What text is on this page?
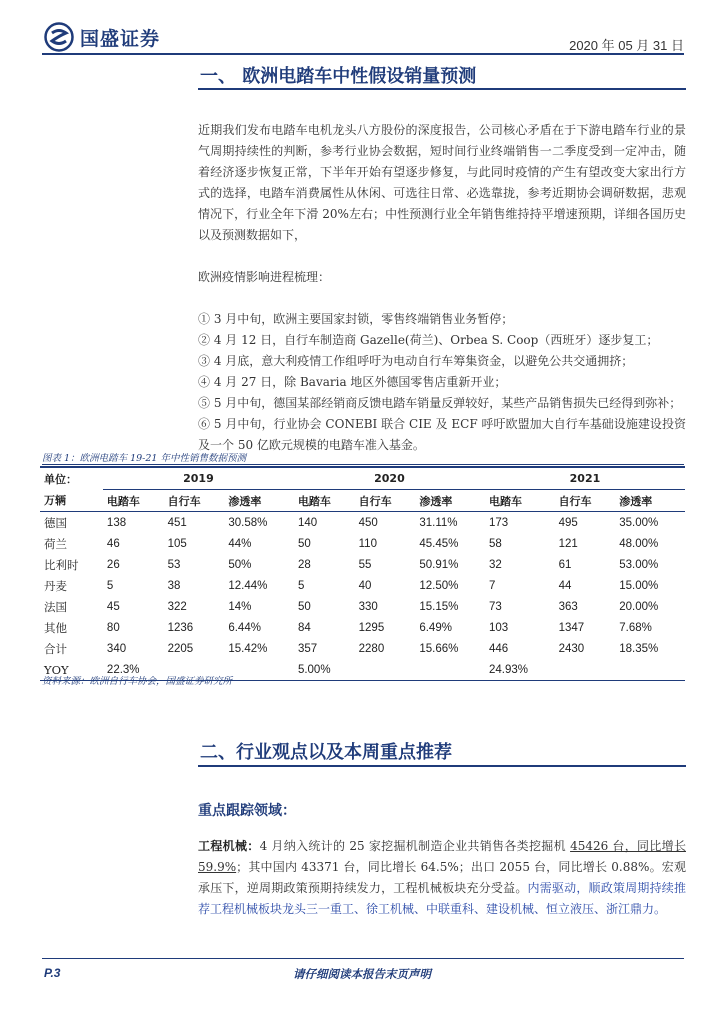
国盛证券	2020 年 05 月 31 日
一、 欧洲电踏车中性假设销量预测

近期我们发布电踏车电机龙头八方股份的深度报告，公司核心矛盾在于下游电踏车行业的景气周期持续性的判断，参考行业协会数据，短时间行业终端销售一二季度受到一定冲击，随着经济逐步恢复正常，下半年开始有望逐步修复，与此同时疫情的产生有望改变大家出行方式的选择，电踏车消费属性从休闲、可选往日常、必选靠拢，参考近期协会调研数据，悲观情况下，行业全年下滑 20%左右；中性预测行业全年销售维持持平增速预期，详细各国历史以及预测数据如下，

欧洲疫情影响进程梳理：

① 3 月中旬，欧洲主要国家封锁，零售终端销售业务暂停；

② 4 月 12 日，自行车制造商 Gazelle(荷兰)、Orbea S. Coop（西班牙）逐步复工；

③ 4 月底，意大利疫情工作组呼吁为电动自行车筹集资金，以避免公共交通拥挤；

④ 4 月 27 日，除 Bavaria 地区外德国零售店重新开业；

⑤ 5 月中旬，德国某部经销商反馈电踏车销量反弹较好，某些产品销售损失已经得到弥补；

⑥ 5 月中旬，行业协会 CONEBI 联合 CIE 及 ECF 呼吁欧盟加大自行车基础设施建设投资及一个 50 亿欧元规模的电踏车准入基金。

图表 1：欧洲电踏车 19-21 年中性销售数据预测
单位：	2019			2020			2021		
万辆	电踏车	自行车	渗透率	电踏车	自行车	渗透率	电踏车	自行车	渗透率
德国	138	451	30.58%	140	450	31.11%	173	495	35.00%
荷兰	46	105	44%	50	110	45.45%	58	121	48.00%
比利时	26	53	50%	28	55	50.91%	32	61	53.00%
丹麦	5	38	12.44%	5	40	12.50%	7	44	15.00%
法国	45	322	14%	50	330	15.15%	73	363	20.00%
其他	80	1236	6.44%	84	1295	6.49%	103	1347	7.68%
合计	340	2205	15.42%	357	2280	15.66%	446	2430	18.35%
YOY	22.3%			5.00%			24.93%		
资料来源：欧洲自行车协会，国盛证券研究所
二、行业观点以及本周重点推荐
重点跟踪领域：
工程机械：4 月纳入统计的 25 家挖掘机制造企业共销售各类挖掘机 45426 台，同比增长 59.9%；其中国内 43371 台，同比增长 64.5%；出口 2055 台，同比增长 0.88%。宏观承压下，逆周期政策预期持续发力，工程机械板块充分受益。内需驱动，顺政策周期持续推荐工程机械板块龙头三一重工、徐工机械、中联重科、建设机械、恒立液压、浙江鼎力。
P.3	请仔细阅读本报告末页声明
